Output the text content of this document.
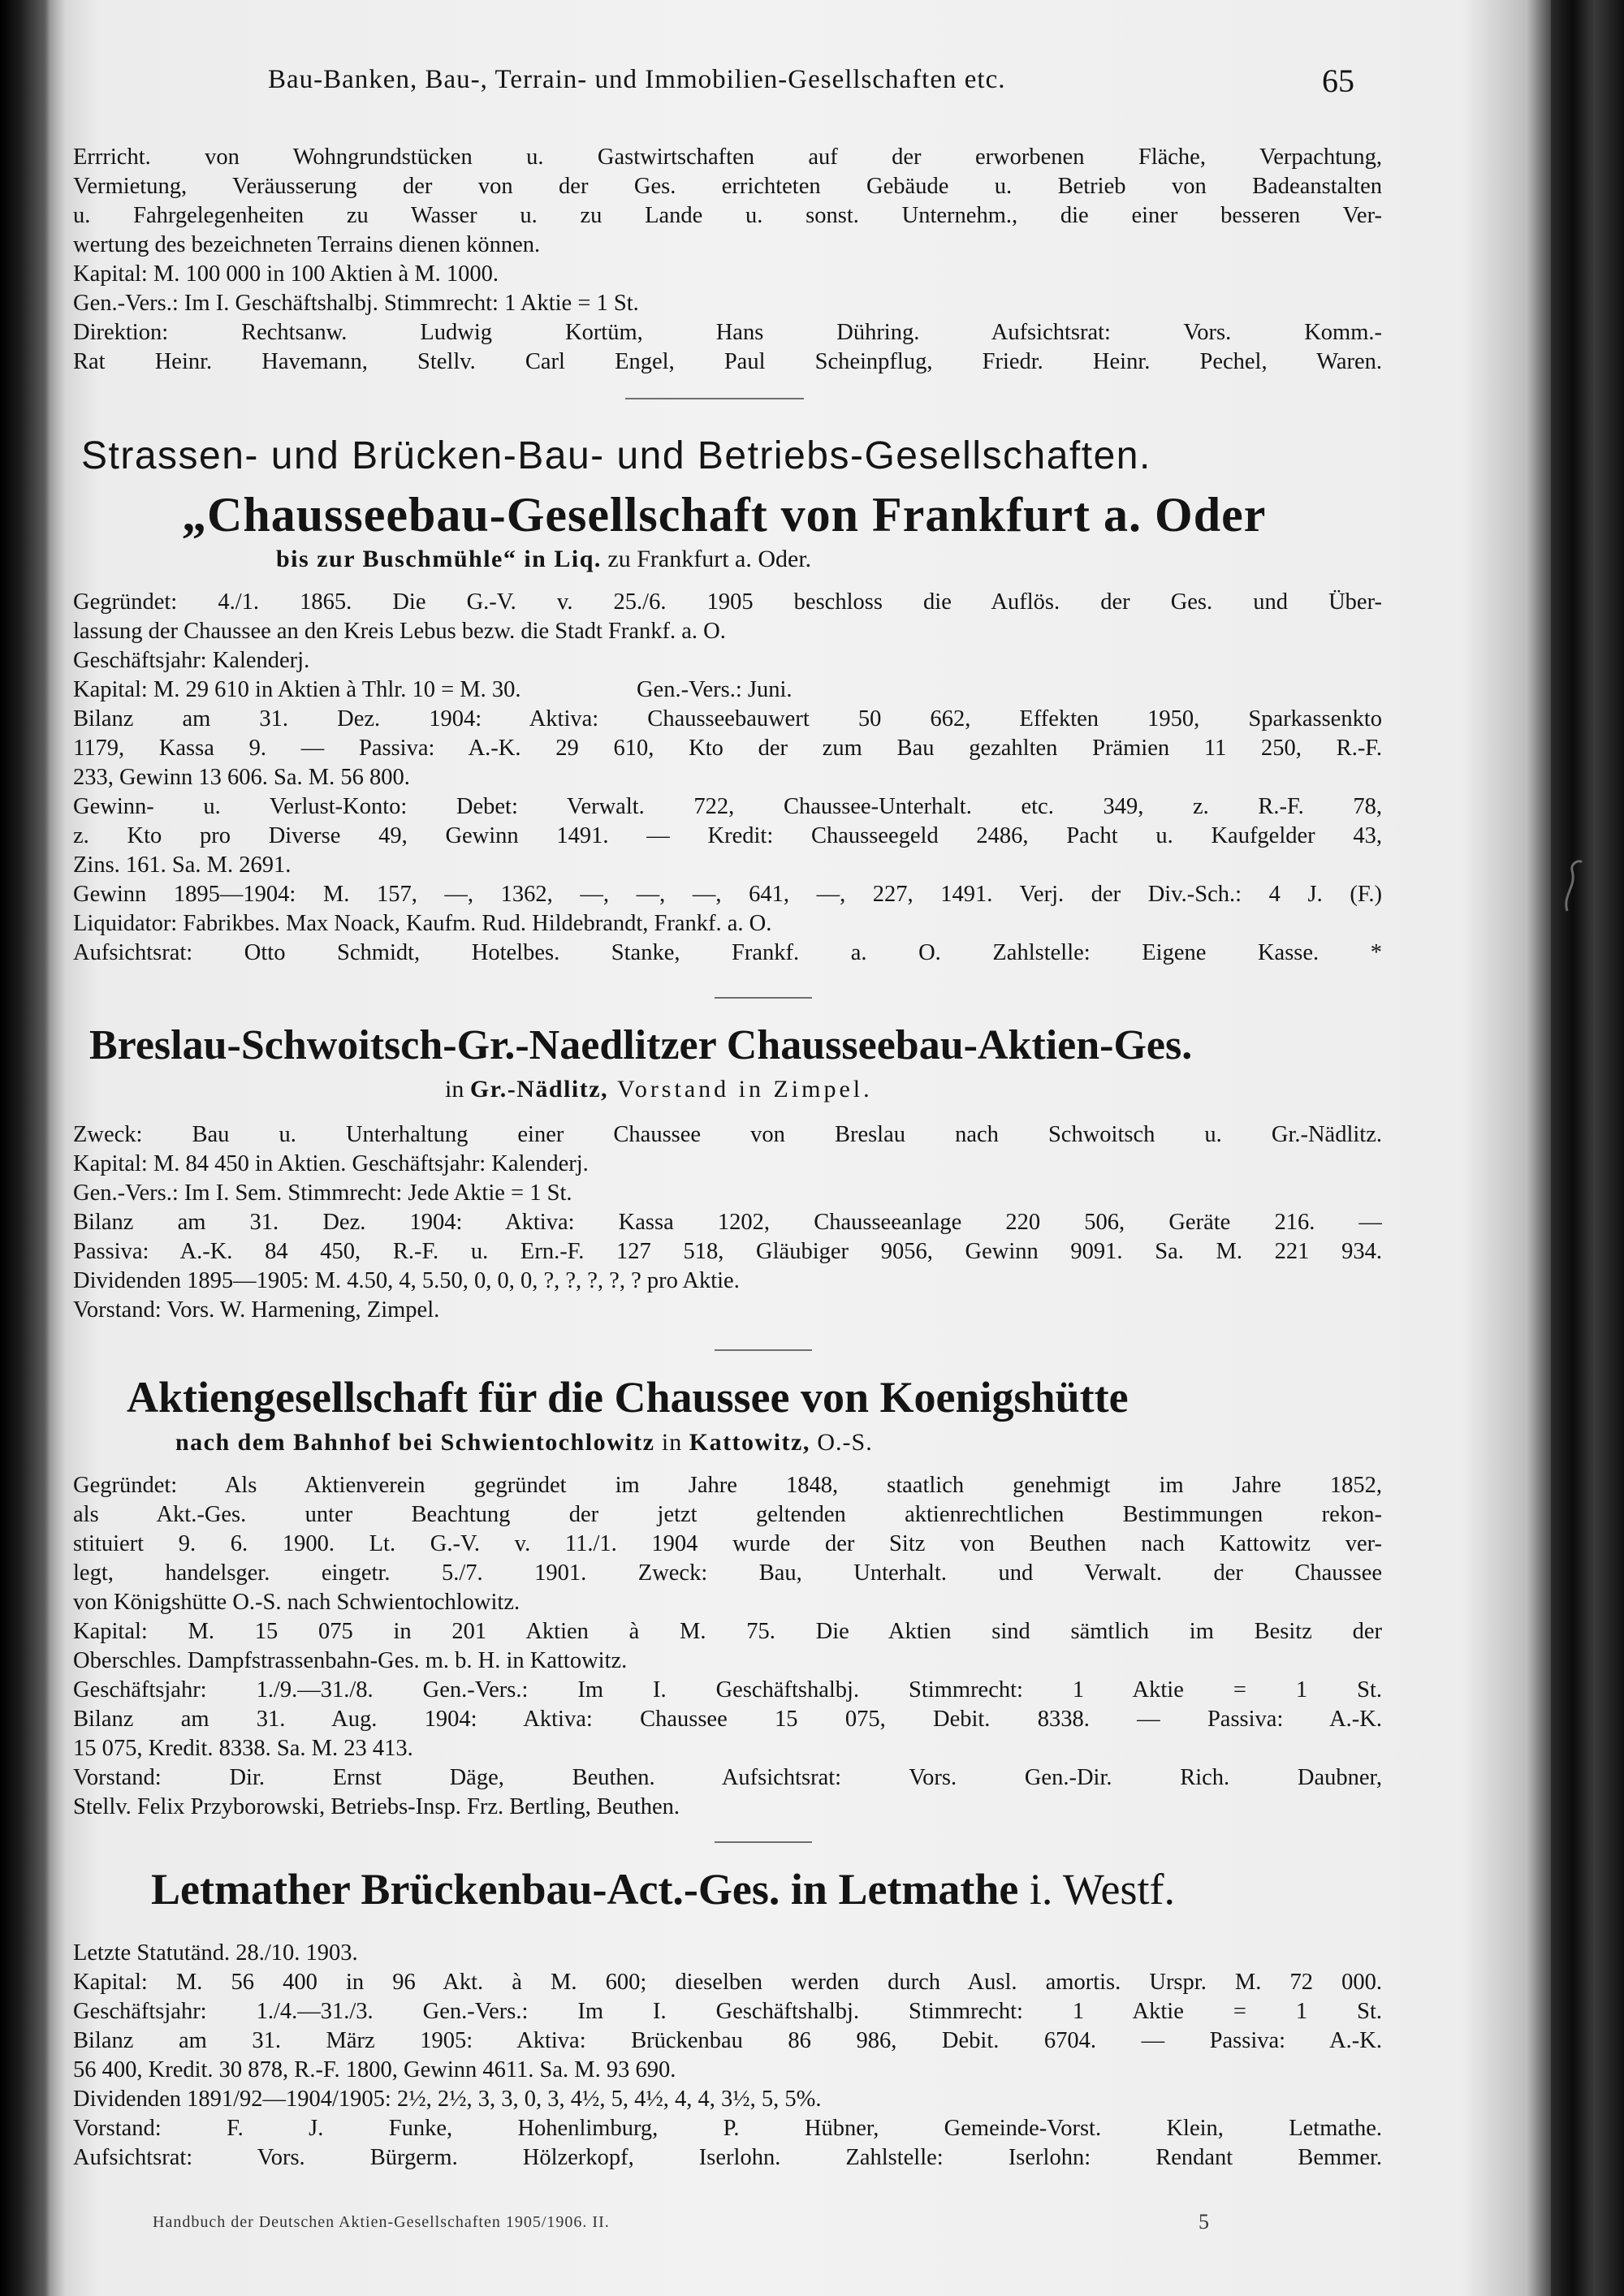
Bau-Banken, Bau-, Terrain- und Immobilien-Gesellschaften etc.	65
Errricht. von Wohngrundstücken u. Gastwirtschaften auf der erworbenen Fläche, Verpachtung,
Vermietung, Veräusserung der von der Ges. errichteten Gebäude u. Betrieb von Badeanstalten
u. Fahrgelegenheiten zu Wasser u. zu Lande u. sonst. Unternehm., die einer besseren Ver-
wertung des bezeichneten Terrains dienen können.
Kapital: M. 100 000 in 100 Aktien à M. 1000.
Gen.-Vers.: Im I. Geschäftshalbj. Stimmrecht: 1 Aktie = 1 St.
Direktion: Rechtsanw. Ludwig Kortüm, Hans Dühring. Aufsichtsrat: Vors. Komm.-
Rat Heinr. Havemann, Stellv. Carl Engel, Paul Scheinpflug, Friedr. Heinr. Pechel, Waren.
Strassen- und Brücken-Bau- und Betriebs-Gesellschaften.
„Chausseebau-Gesellschaft von Frankfurt a. Oder
bis zur Buschmühle“ in Liq. zu Frankfurt a. Oder.
Gegründet: 4./1. 1865. Die G.-V. v. 25./6. 1905 beschloss die Auflös. der Ges. und Über-
lassung der Chaussee an den Kreis Lebus bezw. die Stadt Frankf. a. O.
Geschäftsjahr: Kalenderj.
Kapital: M. 29 610 in Aktien à Thlr. 10 = M. 30.                    Gen.-Vers.: Juni.
Bilanz am 31. Dez. 1904: Aktiva: Chausseebauwert 50 662, Effekten 1950, Sparkassenkto
1179, Kassa 9. — Passiva: A.-K. 29 610, Kto der zum Bau gezahlten Prämien 11 250, R.-F.
233, Gewinn 13 606. Sa. M. 56 800.
Gewinn- u. Verlust-Konto: Debet: Verwalt. 722, Chaussee-Unterhalt. etc. 349, z. R.-F. 78,
z. Kto pro Diverse 49, Gewinn 1491. — Kredit: Chausseegeld 2486, Pacht u. Kaufgelder 43,
Zins. 161. Sa. M. 2691.
Gewinn 1895—1904: M. 157, —, 1362, —, —, —, 641, —, 227, 1491. Verj. der Div.-Sch.: 4 J. (F.)
Liquidator: Fabrikbes. Max Noack, Kaufm. Rud. Hildebrandt, Frankf. a. O.
Aufsichtsrat: Otto Schmidt, Hotelbes. Stanke, Frankf. a. O. Zahlstelle: Eigene Kasse. *
Breslau-Schwoitsch-Gr.-Naedlitzer Chausseebau-Aktien-Ges.
in Gr.-Nädlitz, Vorstand in Zimpel.
Zweck: Bau u. Unterhaltung einer Chaussee von Breslau nach Schwoitsch u. Gr.-Nädlitz.
Kapital: M. 84 450 in Aktien. Geschäftsjahr: Kalenderj.
Gen.-Vers.: Im I. Sem. Stimmrecht: Jede Aktie = 1 St.
Bilanz am 31. Dez. 1904: Aktiva: Kassa 1202, Chausseeanlage 220 506, Geräte 216. —
Passiva: A.-K. 84 450, R.-F. u. Ern.-F. 127 518, Gläubiger 9056, Gewinn 9091. Sa. M. 221 934.
Dividenden 1895—1905: M. 4.50, 4, 5.50, 0, 0, 0, ?, ?, ?, ?, ? pro Aktie.
Vorstand: Vors. W. Harmening, Zimpel.
Aktiengesellschaft für die Chaussee von Koenigshütte
nach dem Bahnhof bei Schwientochlowitz in Kattowitz, O.-S.
Gegründet: Als Aktienverein gegründet im Jahre 1848, staatlich genehmigt im Jahre 1852,
als Akt.-Ges. unter Beachtung der jetzt geltenden aktienrechtlichen Bestimmungen rekon-
stituiert 9. 6. 1900. Lt. G.-V. v. 11./1. 1904 wurde der Sitz von Beuthen nach Kattowitz ver-
legt, handelsger. eingetr. 5./7. 1901. Zweck: Bau, Unterhalt. und Verwalt. der Chaussee
von Königshütte O.-S. nach Schwientochlowitz.
Kapital: M. 15 075 in 201 Aktien à M. 75. Die Aktien sind sämtlich im Besitz der
Oberschles. Dampfstrassenbahn-Ges. m. b. H. in Kattowitz.
Geschäftsjahr: 1./9.—31./8. Gen.-Vers.: Im I. Geschäftshalbj. Stimmrecht: 1 Aktie = 1 St.
Bilanz am 31. Aug. 1904: Aktiva: Chaussee 15 075, Debit. 8338. — Passiva: A.-K.
15 075, Kredit. 8338. Sa. M. 23 413.
Vorstand: Dir. Ernst Däge, Beuthen. Aufsichtsrat: Vors. Gen.-Dir. Rich. Daubner,
Stellv. Felix Przyborowski, Betriebs-Insp. Frz. Bertling, Beuthen.
Letmather Brückenbau-Act.-Ges. in Letmathe i. Westf.
Letzte Statutänd. 28./10. 1903.
Kapital: M. 56 400 in 96 Akt. à M. 600; dieselben werden durch Ausl. amortis. Urspr. M. 72 000.
Geschäftsjahr: 1./4.—31./3. Gen.-Vers.: Im I. Geschäftshalbj. Stimmrecht: 1 Aktie = 1 St.
Bilanz am 31. März 1905: Aktiva: Brückenbau 86 986, Debit. 6704. — Passiva: A.-K.
56 400, Kredit. 30 878, R.-F. 1800, Gewinn 4611. Sa. M. 93 690.
Dividenden 1891/92—1904/1905: 2½, 2½, 3, 3, 0, 3, 4½, 5, 4½, 4, 4, 3½, 5, 5%.
Vorstand: F. J. Funke, Hohenlimburg, P. Hübner, Gemeinde-Vorst. Klein, Letmathe.
Aufsichtsrat: Vors. Bürgerm. Hölzerkopf, Iserlohn. Zahlstelle: Iserlohn: Rendant Bemmer.
Handbuch der Deutschen Aktien-Gesellschaften 1905/1906. II.	5
